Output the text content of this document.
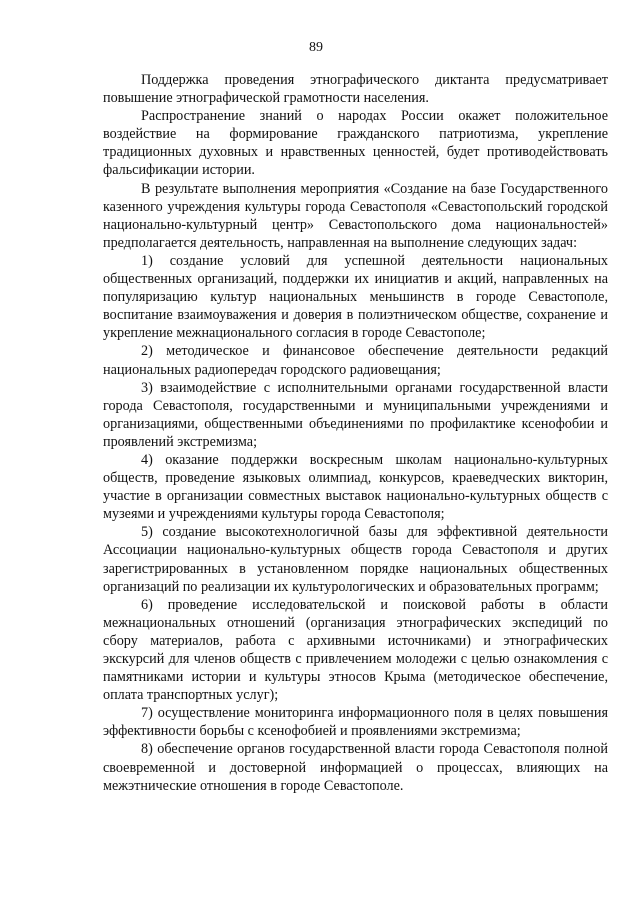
89

Поддержка проведения этнографического диктанта предусматривает повышение этнографической грамотности населения.

Распространение знаний о народах России окажет положительное воздействие на формирование гражданского патриотизма, укрепление традиционных духовных и нравственных ценностей, будет противодействовать фальсификации истории.

В результате выполнения мероприятия «Создание на базе Государственного казенного учреждения культуры города Севастополя «Севастопольский городской национально-культурный центр» Севастопольского дома национальностей» предполагается деятельность, направленная на выполнение следующих задач:

1) создание условий для успешной деятельности национальных общественных организаций, поддержки их инициатив и акций, направленных на популяризацию культур национальных меньшинств в городе Севастополе, воспитание взаимоуважения и доверия в полиэтническом обществе, сохранение и укрепление межнационального согласия в городе Севастополе;

2) методическое и финансовое обеспечение деятельности редакций национальных радиопередач городского радиовещания;

3) взаимодействие с исполнительными органами государственной власти города Севастополя, государственными и муниципальными учреждениями и организациями, общественными объединениями по профилактике ксенофобии и проявлений экстремизма;

4) оказание поддержки воскресным школам национально-культурных обществ, проведение языковых олимпиад, конкурсов, краеведческих викторин, участие в организации совместных выставок национально-культурных обществ с музеями и учреждениями культуры города Севастополя;

5) создание высокотехнологичной базы для эффективной деятельности Ассоциации национально-культурных обществ города Севастополя и других зарегистрированных в установленном порядке национальных общественных организаций по реализации их культурологических и образовательных программ;

6) проведение исследовательской и поисковой работы в области межнациональных отношений (организация этнографических экспедиций по сбору материалов, работа с архивными источниками) и этнографических экскурсий для членов обществ с привлечением молодежи с целью ознакомления с памятниками истории и культуры этносов Крыма (методическое обеспечение, оплата транспортных услуг);

7) осуществление мониторинга информационного поля в целях повышения эффективности борьбы с ксенофобией и проявлениями экстремизма;

8) обеспечение органов государственной власти города Севастополя полной своевременной и достоверной информацией о процессах, влияющих на межэтнические отношения в городе Севастополе.
